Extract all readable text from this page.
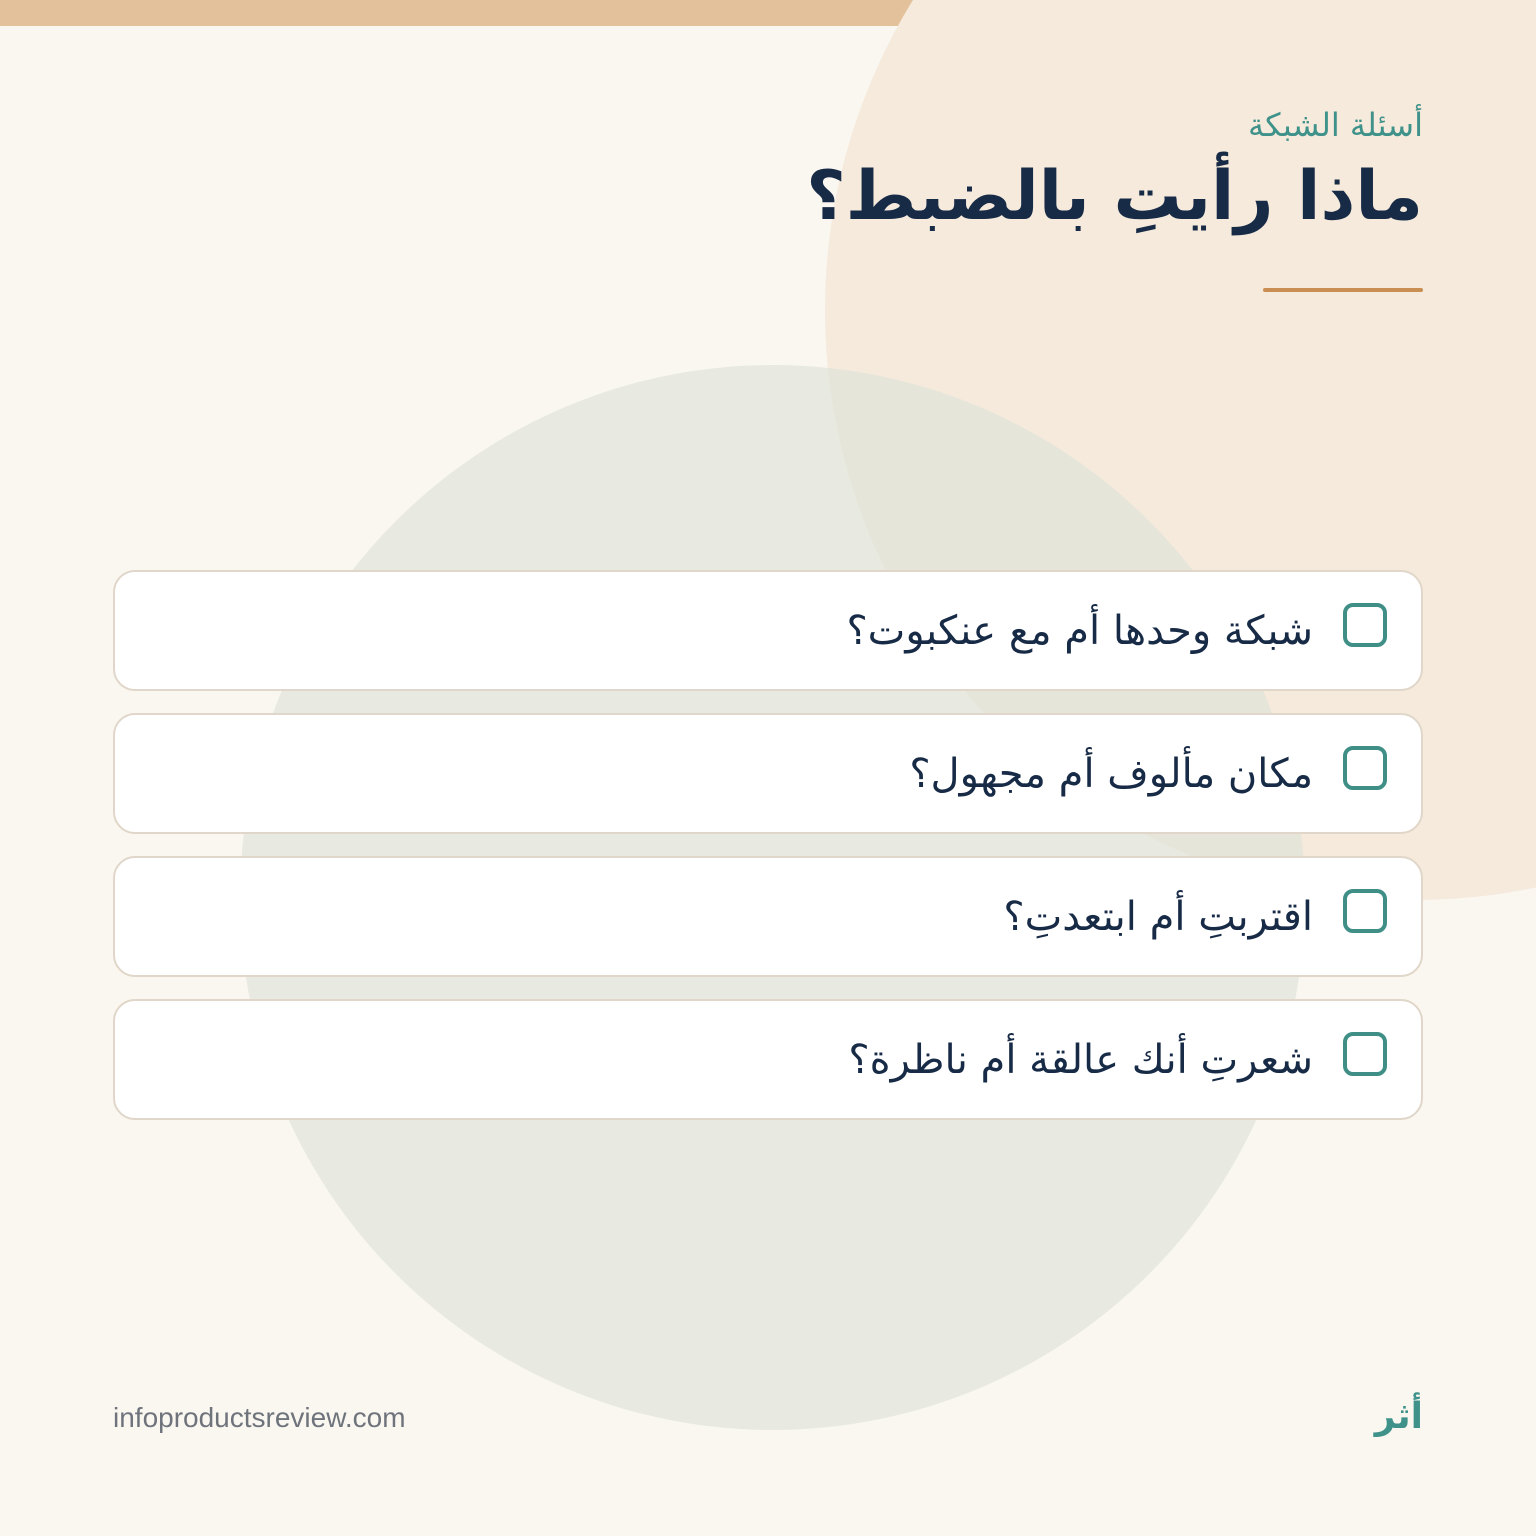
أسئلة الشبكة
ماذا رأيتِ بالضبط؟
شبكة وحدها أم مع عنكبوت؟
مكان مألوف أم مجهول؟
اقتربتِ أم ابتعدتِ؟
شعرتِ أنك عالقة أم ناظرة؟
infoproductsreview.com	أثر
